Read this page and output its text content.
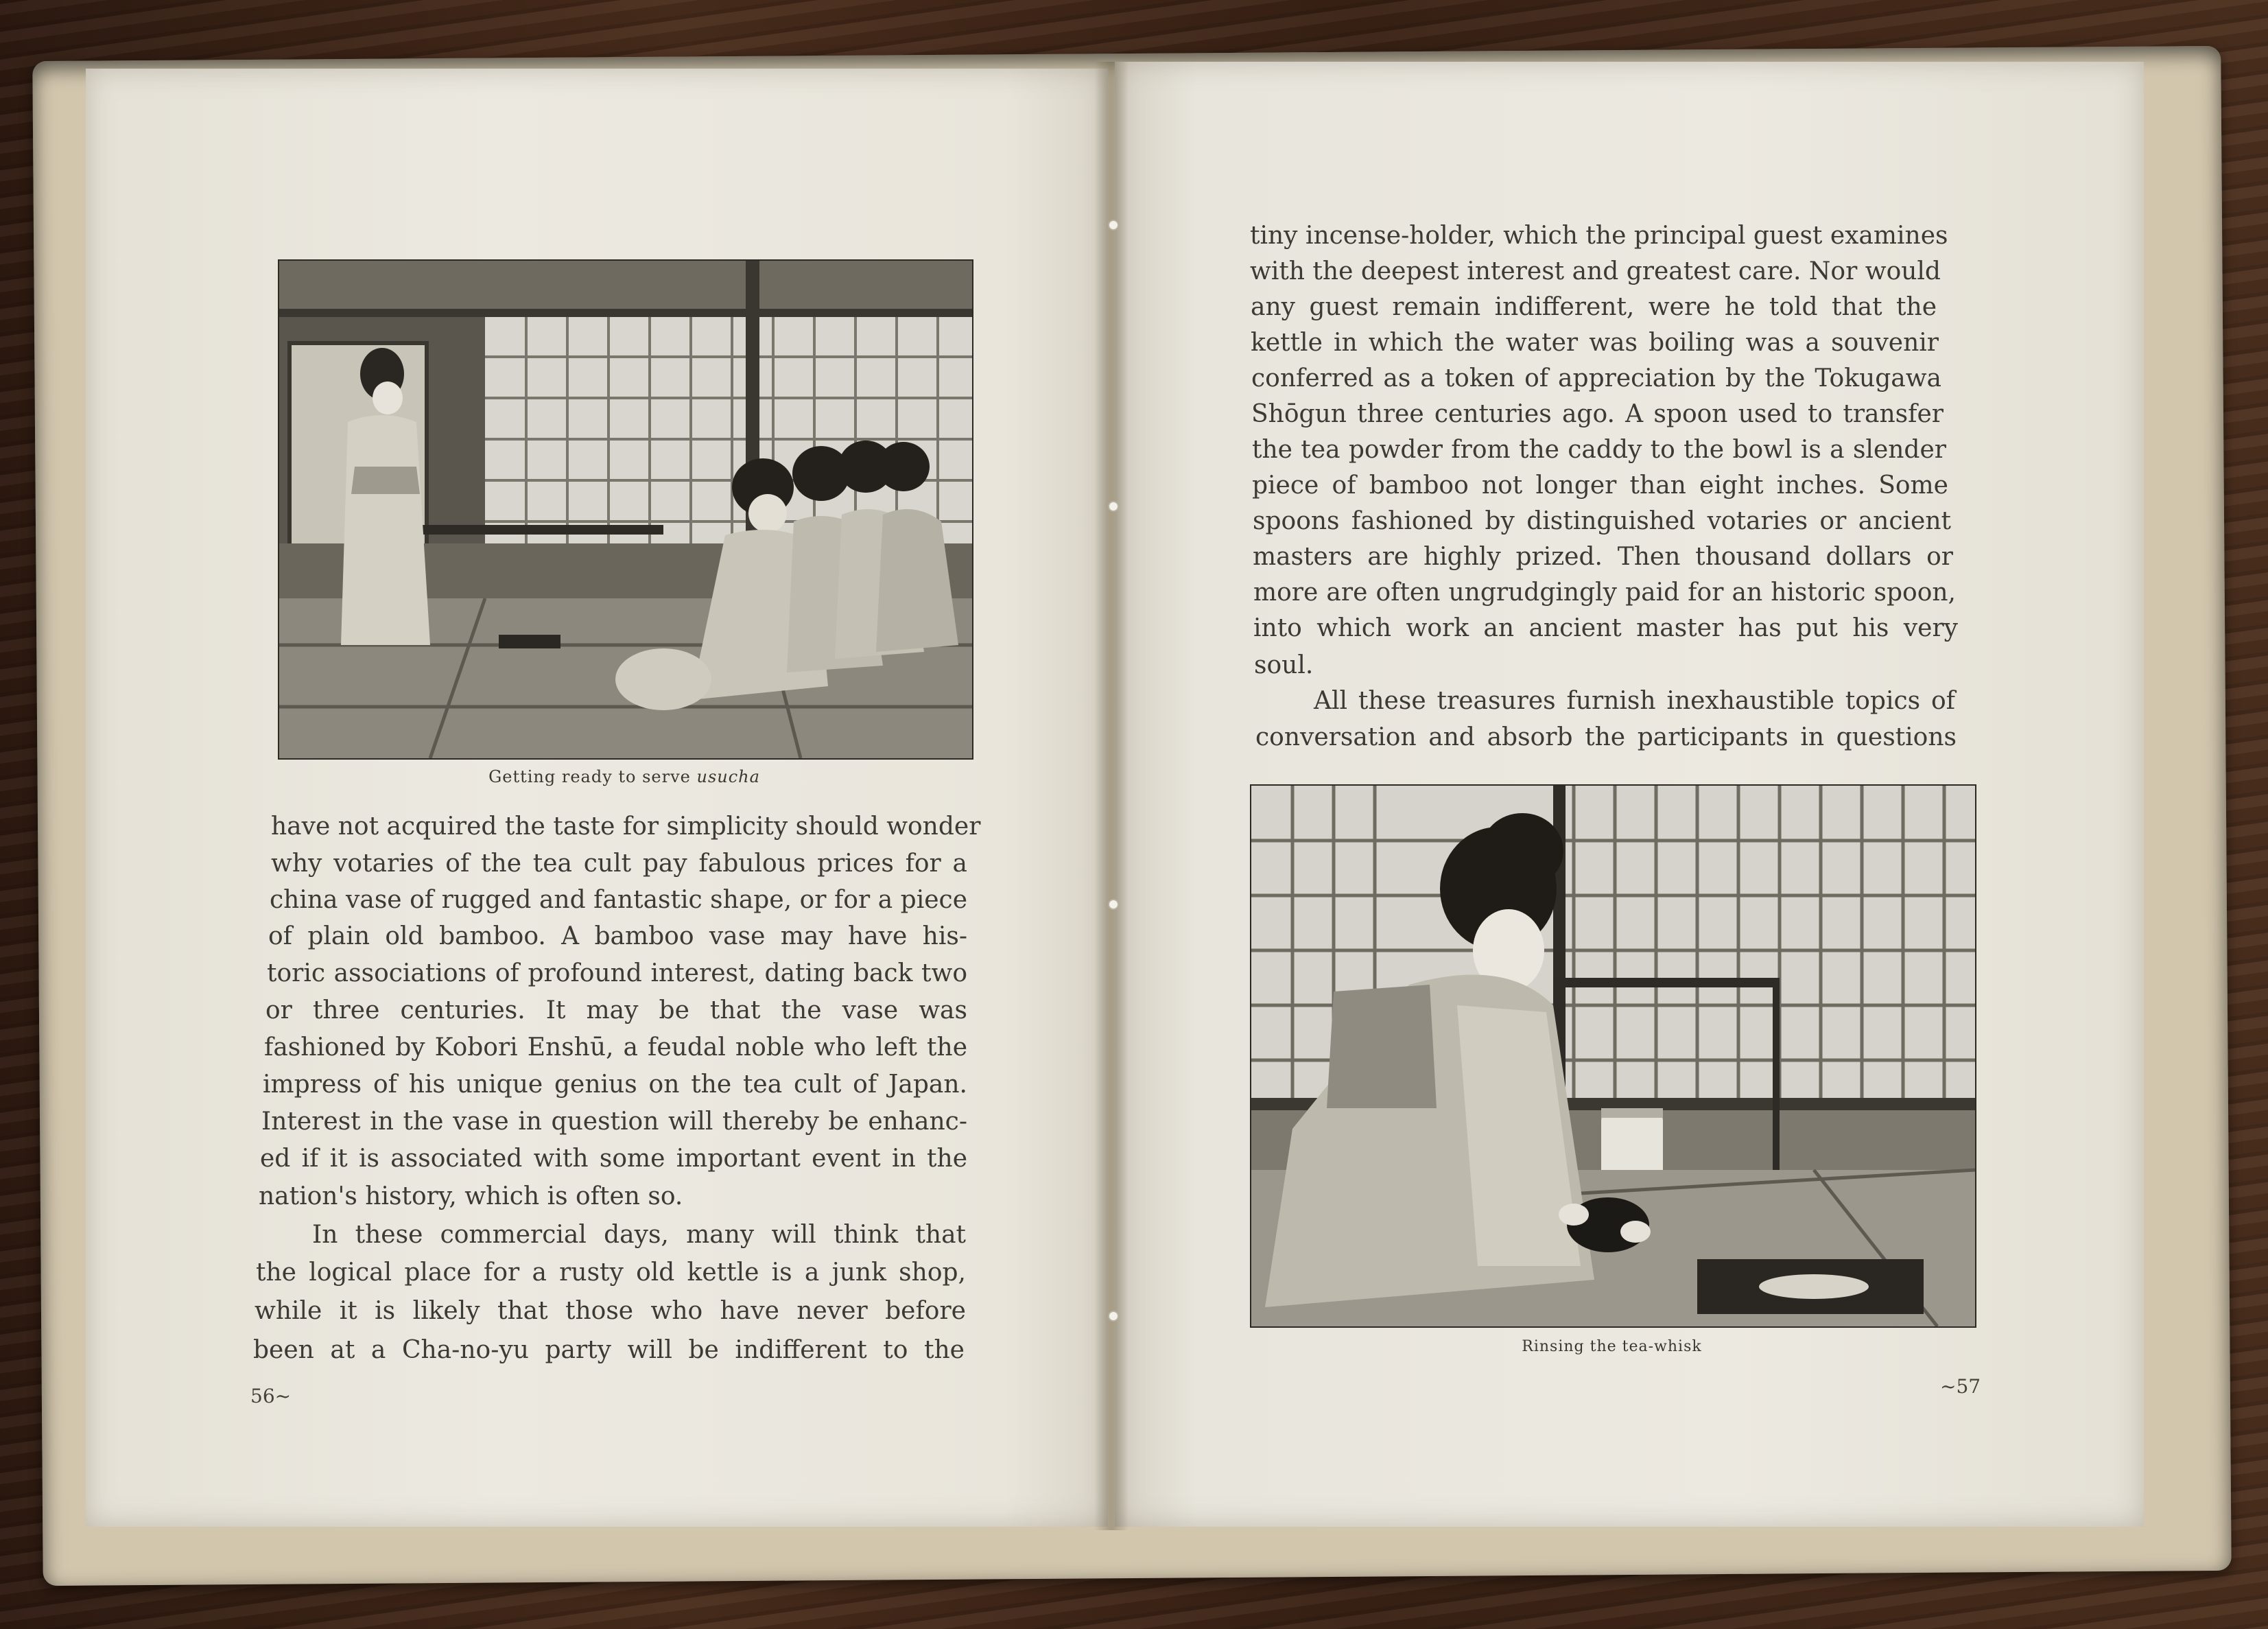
Getting ready to serve usucha
have not acquired the taste for simplicity should wonder
why votaries of the tea cult pay fabulous prices for a
china vase of rugged and fantastic shape, or for a piece
of plain old bamboo. A bamboo vase may have his-
toric associations of profound interest, dating back two
or three centuries. It may be that the vase was
fashioned by Kobori Enshū, a feudal noble who left the
impress of his unique genius on the tea cult of Japan.
Interest in the vase in question will thereby be enhanc-
ed if it is associated with some important event in the
nation's history, which is often so.
In these commercial days, many will think that
the logical place for a rusty old kettle is a junk shop,
while it is likely that those who have never before
been at a Cha-no-yu party will be indifferent to the
56~
tiny incense-holder, which the principal guest examines
with the deepest interest and greatest care. Nor would
any guest remain indifferent, were he told that the
kettle in which the water was boiling was a souvenir
conferred as a token of appreciation by the Tokugawa
Shōgun three centuries ago. A spoon used to transfer
the tea powder from the caddy to the bowl is a slender
piece of bamboo not longer than eight inches. Some
spoons fashioned by distinguished votaries or ancient
masters are highly prized. Then thousand dollars or
more are often ungrudgingly paid for an historic spoon,
into which work an ancient master has put his very
soul.
All these treasures furnish inexhaustible topics of
conversation and absorb the participants in questions
Rinsing the tea-whisk
~57
